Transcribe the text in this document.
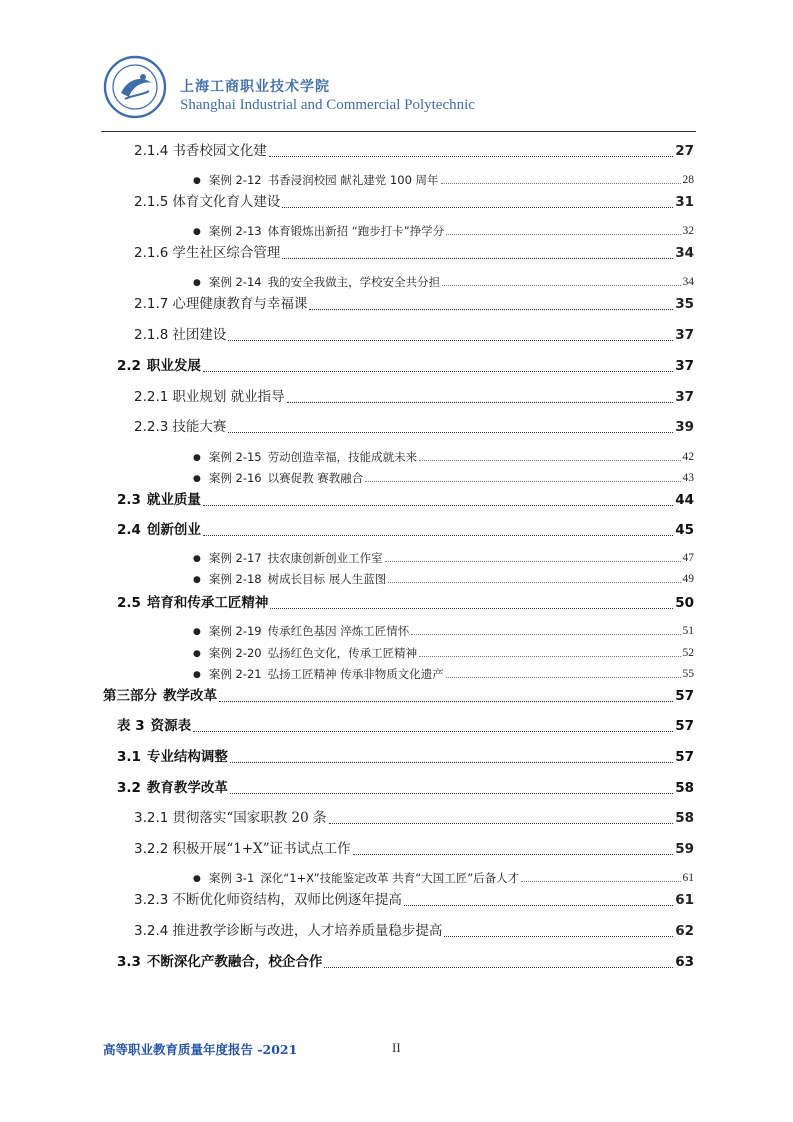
上海工商职业技术学院
Shanghai Industrial and Commercial Polytechnic
2.1.4 书香校园文化建	27
● 案例 2-12 书香浸润校园 献礼建党 100 周年	28
2.1.5 体育文化育人建设	31
● 案例 2-13 体育锻炼出新招 “跑步打卡”挣学分	32
2.1.6 学生社区综合管理	34
● 案例 2-14 我的安全我做主，学校安全共分担	34
2.1.7 心理健康教育与幸福课	35
2.1.8 社团建设	37
2.2 职业发展	37
2.2.1 职业规划 就业指导	37
2.2.3 技能大赛	39
● 案例 2-15 劳动创造幸福，技能成就未来	42
● 案例 2-16 以赛促教 赛教融合	43
2.3 就业质量	44
2.4 创新创业	45
● 案例 2-17 扶农康创新创业工作室	47
● 案例 2-18 树成长目标 展人生蓝图	49
2.5 培育和传承工匠精神	50
● 案例 2-19 传承红色基因 淬炼工匠情怀	51
● 案例 2-20 弘扬红色文化，传承工匠精神	52
● 案例 2-21 弘扬工匠精神 传承非物质文化遗产	55
第三部分 教学改革	57
表 3 资源表	57
3.1 专业结构调整	57
3.2 教育教学改革	58
3.2.1 贯彻落实“国家职教 20 条	58
3.2.2 积极开展“1+X”证书试点工作	59
● 案例 3-1 深化“1+X”技能鉴定改革 共育“大国工匠”后备人才	61
3.2.3 不断优化师资结构，双师比例逐年提高	61
3.2.4 推进教学诊断与改进，人才培养质量稳步提高	62
3.3 不断深化产教融合，校企合作	63
高等职业教育质量年度报告 -2021	II
